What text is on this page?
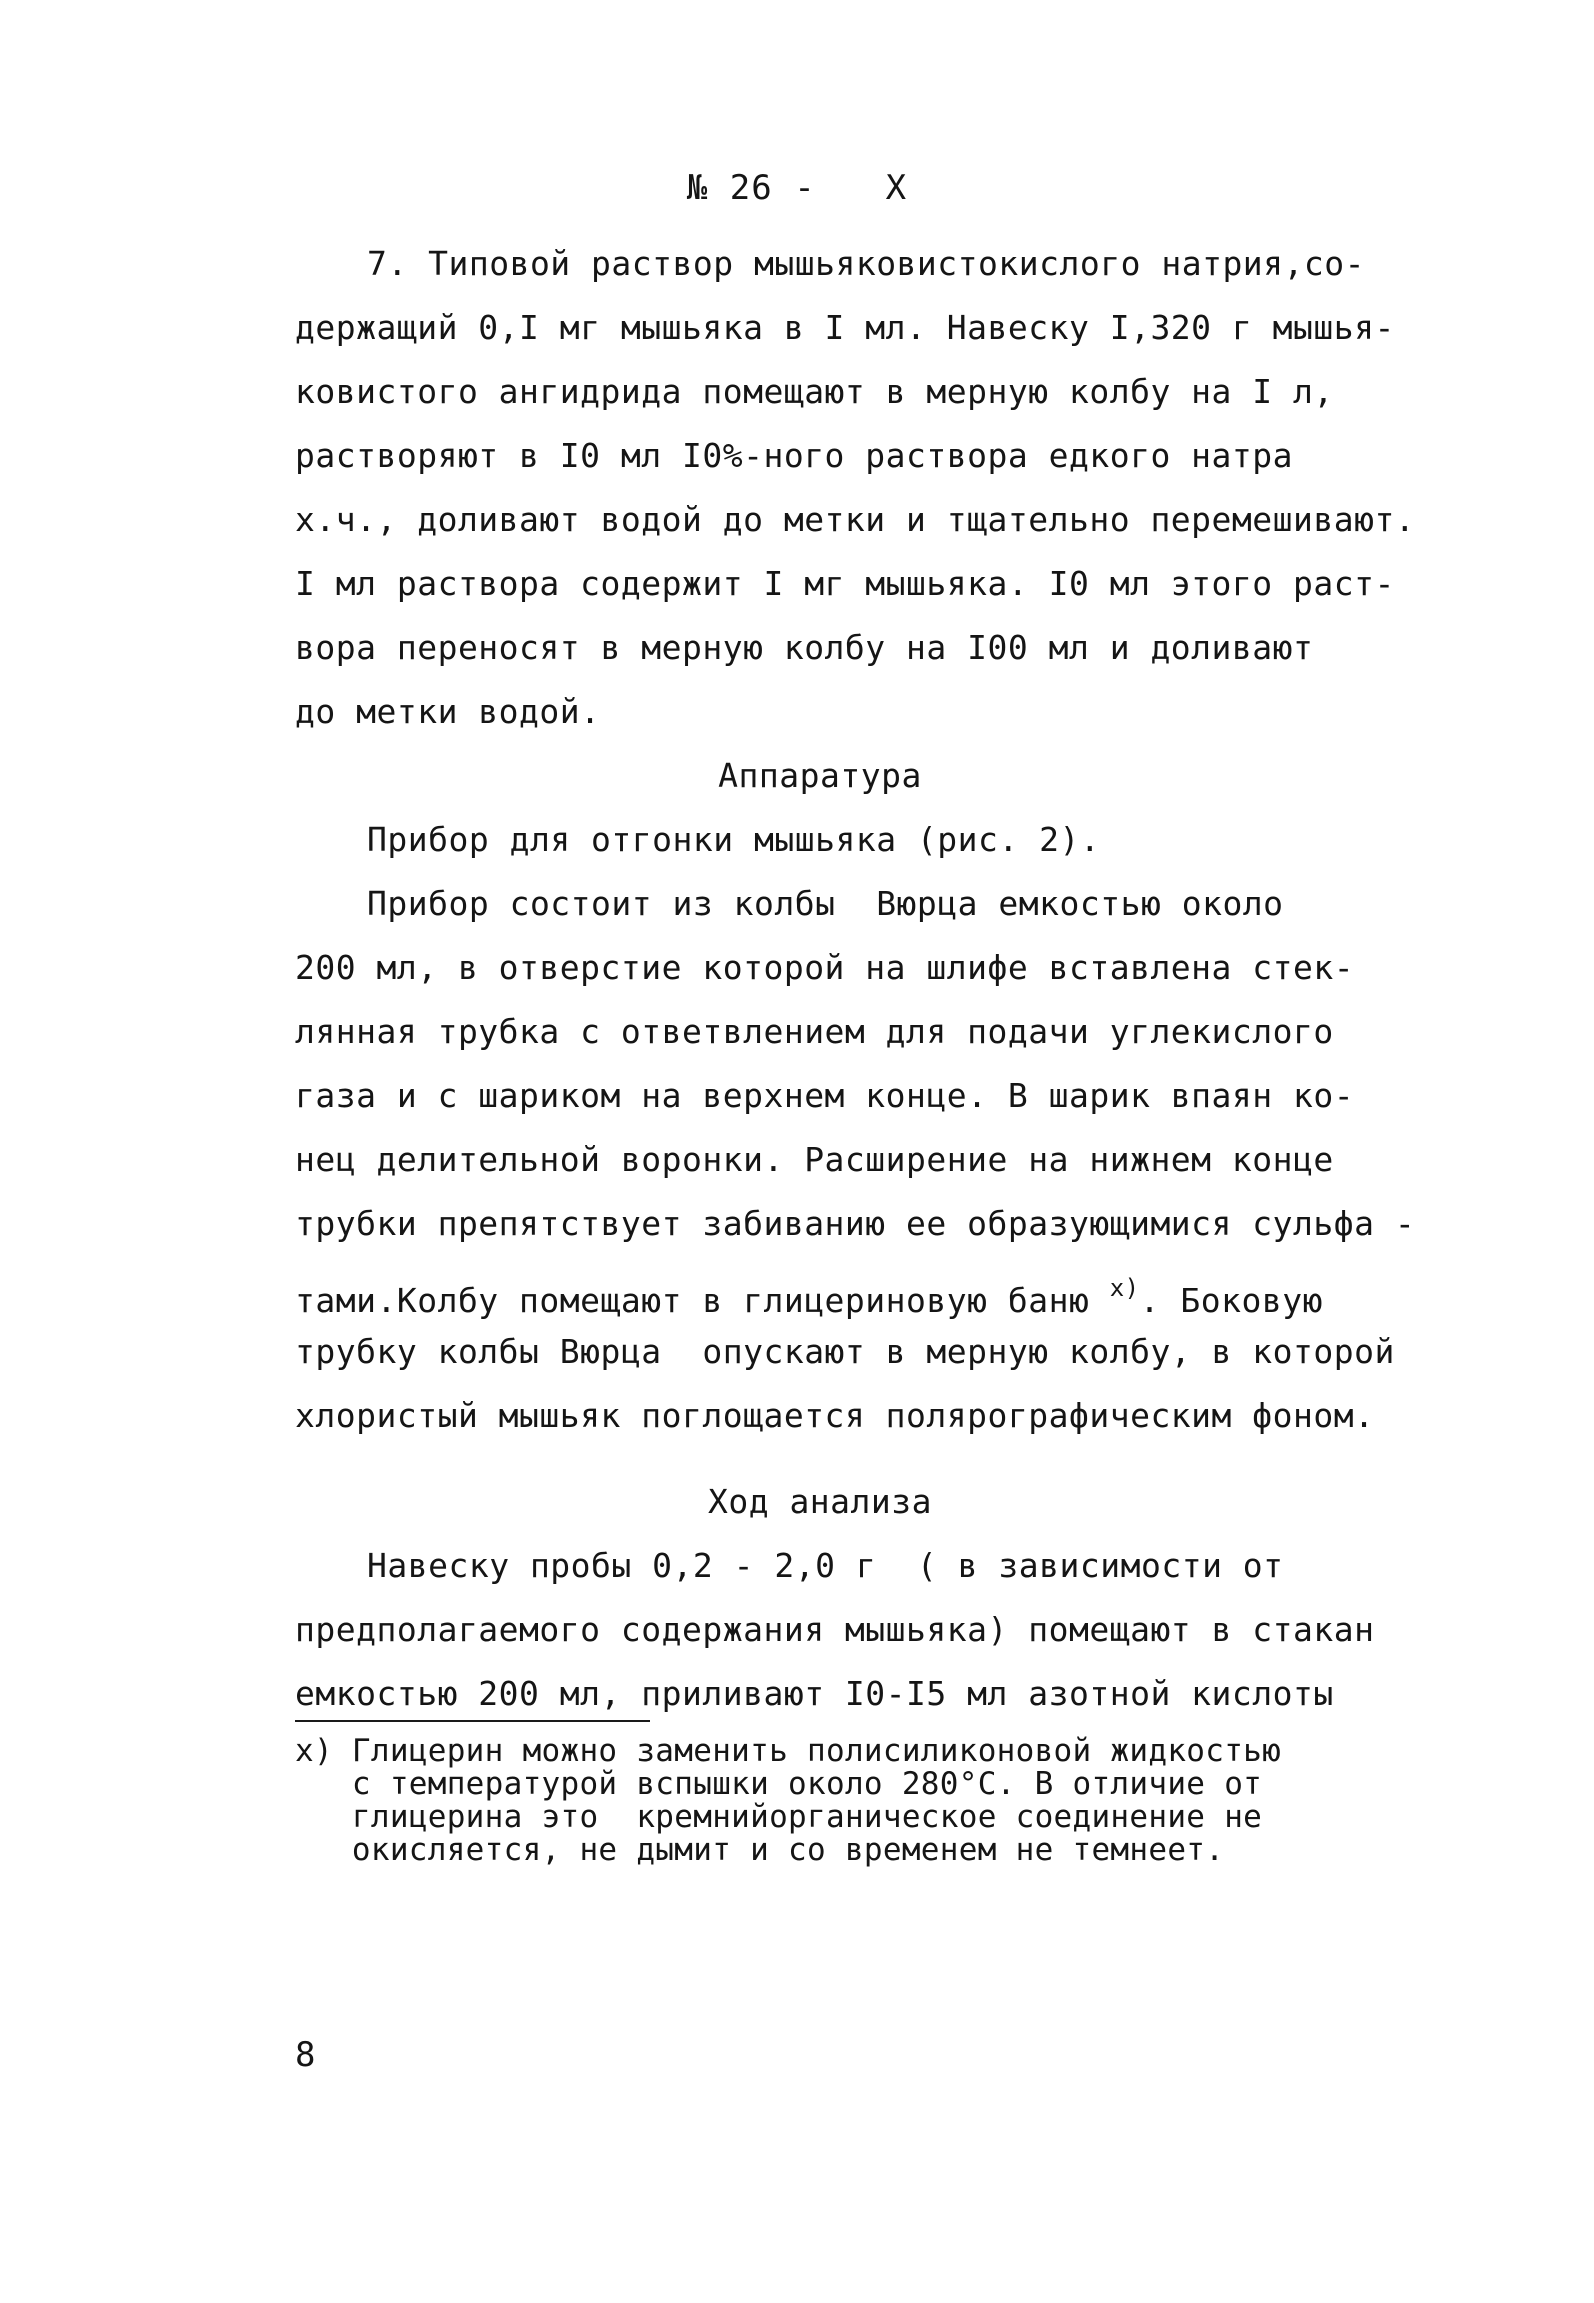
№ 26 - X
7. Типовой раствор мышьяковистокислого натрия,со-
держащий 0,I мг мышьяка в I мл. Навеску I,320 г мышья-
ковистого ангидрида помещают в мерную колбу на I л,
растворяют в I0 мл I0%-ного раствора едкого натра
х.ч., доливают водой до метки и тщательно перемешивают.
I мл раствора содержит I мг мышьяка. I0 мл этого раст-
вора переносят в мерную колбу на I00 мл и доливают
до метки водой.
Аппаратура
Прибор для отгонки мышьяка (рис. 2).
Прибор состоит из колбы  Вюрца емкостью около
200 мл, в отверстие которой на шлифе вставлена стек-
лянная трубка с ответвлением для подачи углекислого
газа и с шариком на верхнем конце. В шарик впаян ко-
нец делительной воронки. Расширение на нижнем конце
трубки препятствует забиванию ее образующимися сульфа -
тами.Колбу помещают в глицериновую баню $^{х)}$. Боковую
трубку колбы Вюрца  опускают в мерную колбу, в которой
хлористый мышьяк поглощается полярографическим фоном.
Ход анализа
Навеску пробы 0,2 - 2,0 г  ( в зависимости от
предполагаемого содержания мышьяка) помещают в стакан
емкостью 200 мл, приливают I0-I5 мл азотной кислоты
х) Глицерин можно заменить полисиликоновой жидкостью
с температурой вспышки около 280°С. В отличие от
глицерина это  кремнийорганическое соединение не
окисляется, не дымит и со временем не темнеет.
8
